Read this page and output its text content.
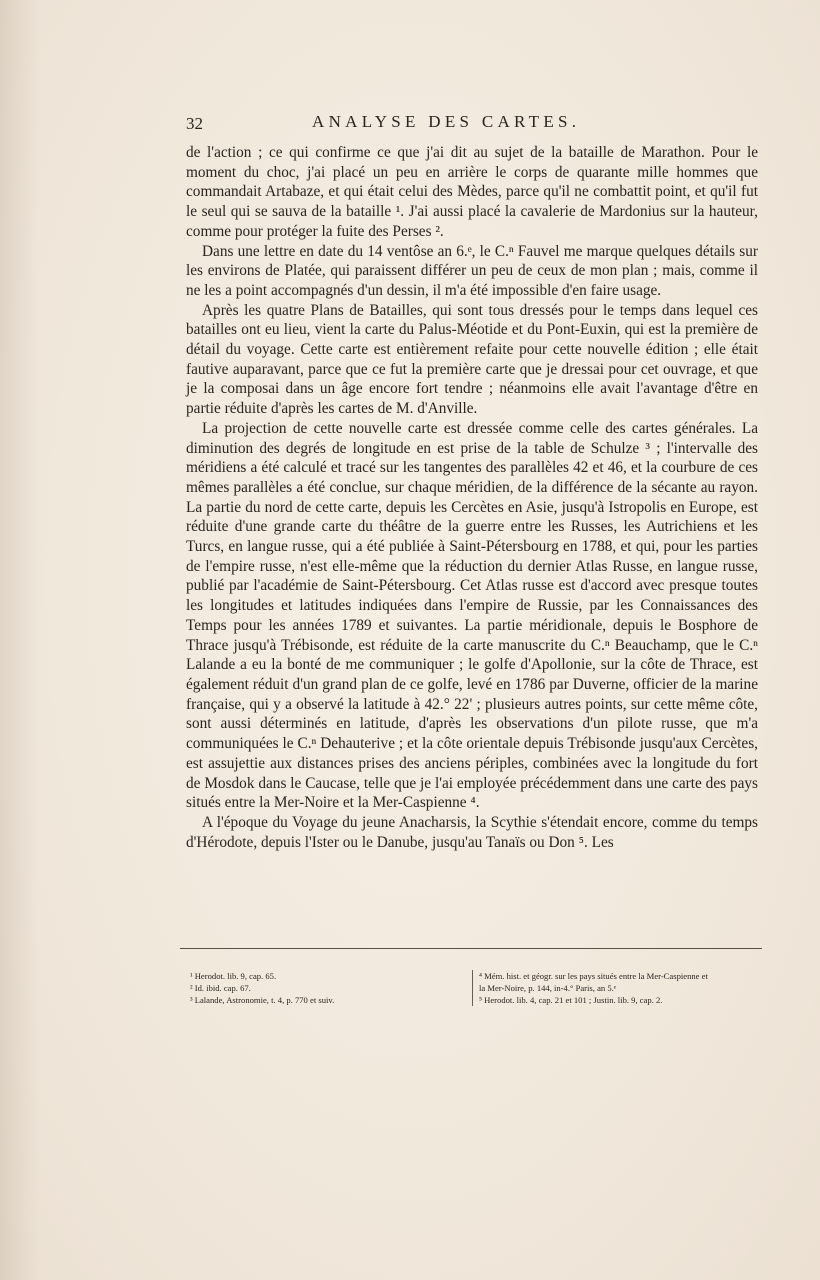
32	ANALYSE DES CARTES.

de l'action ; ce qui confirme ce que j'ai dit au sujet de la bataille de Marathon. Pour le moment du choc, j'ai placé un peu en arrière le corps de quarante mille hommes que commandait Artabaze, et qui était celui des Mèdes, parce qu'il ne combattit point, et qu'il fut le seul qui se sauva de la bataille ¹. J'ai aussi placé la cavalerie de Mardonius sur la hauteur, comme pour protéger la fuite des Perses ².

Dans une lettre en date du 14 ventôse an 6.ᵉ, le C.ⁿ Fauvel me marque quelques détails sur les environs de Platée, qui paraissent différer un peu de ceux de mon plan ; mais, comme il ne les a point accompagnés d'un dessin, il m'a été impossible d'en faire usage.

Après les quatre Plans de Batailles, qui sont tous dressés pour le temps dans lequel ces batailles ont eu lieu, vient la carte du Palus-Méotide et du Pont-Euxin, qui est la première de détail du voyage. Cette carte est entièrement refaite pour cette nouvelle édition ; elle était fautive auparavant, parce que ce fut la première carte que je dressai pour cet ouvrage, et que je la composai dans un âge encore fort tendre ; néanmoins elle avait l'avantage d'être en partie réduite d'après les cartes de M. d'Anville.

La projection de cette nouvelle carte est dressée comme celle des cartes générales. La diminution des degrés de longitude en est prise de la table de Schulze ³ ; l'intervalle des méridiens a été calculé et tracé sur les tangentes des parallèles 42 et 46, et la courbure de ces mêmes parallèles a été conclue, sur chaque méridien, de la différence de la sécante au rayon. La partie du nord de cette carte, depuis les Cercètes en Asie, jusqu'à Istropolis en Europe, est réduite d'une grande carte du théâtre de la guerre entre les Russes, les Autrichiens et les Turcs, en langue russe, qui a été publiée à Saint-Pétersbourg en 1788, et qui, pour les parties de l'empire russe, n'est elle-même que la réduction du dernier Atlas Russe, en langue russe, publié par l'académie de Saint-Pétersbourg. Cet Atlas russe est d'accord avec presque toutes les longitudes et latitudes indiquées dans l'empire de Russie, par les Connaissances des Temps pour les années 1789 et suivantes. La partie méridionale, depuis le Bosphore de Thrace jusqu'à Trébisonde, est réduite de la carte manuscrite du C.ⁿ Beauchamp, que le C.ⁿ Lalande a eu la bonté de me communiquer ; le golfe d'Apollonie, sur la côte de Thrace, est également réduit d'un grand plan de ce golfe, levé en 1786 par Duverne, officier de la marine française, qui y a observé la latitude à 42.° 22' ; plusieurs autres points, sur cette même côte, sont aussi déterminés en latitude, d'après les observations d'un pilote russe, que m'a communiquées le C.ⁿ Dehauterive ; et la côte orientale depuis Trébisonde jusqu'aux Cercètes, est assujettie aux distances prises des anciens périples, combinées avec la longitude du fort de Mosdok dans le Caucase, telle que je l'ai employée précédemment dans une carte des pays situés entre la Mer-Noire et la Mer-Caspienne ⁴.

A l'époque du Voyage du jeune Anacharsis, la Scythie s'étendait encore, comme du temps d'Hérodote, depuis l'Ister ou le Danube, jusqu'au Tanaïs ou Don ⁵. Les

¹ Herodot. lib. 9, cap. 65.
² Id. ibid. cap. 67.
³ Lalande, Astronomie, t. 4, p. 770 et suiv.
⁴ Mém. hist. et géogr. sur les pays situés entre la Mer-Caspienne et
la Mer-Noire, p. 144, in-4.° Paris, an 5.ᵉ
⁵ Herodot. lib. 4, cap. 21 et 101 ; Justin. lib. 9, cap. 2.
